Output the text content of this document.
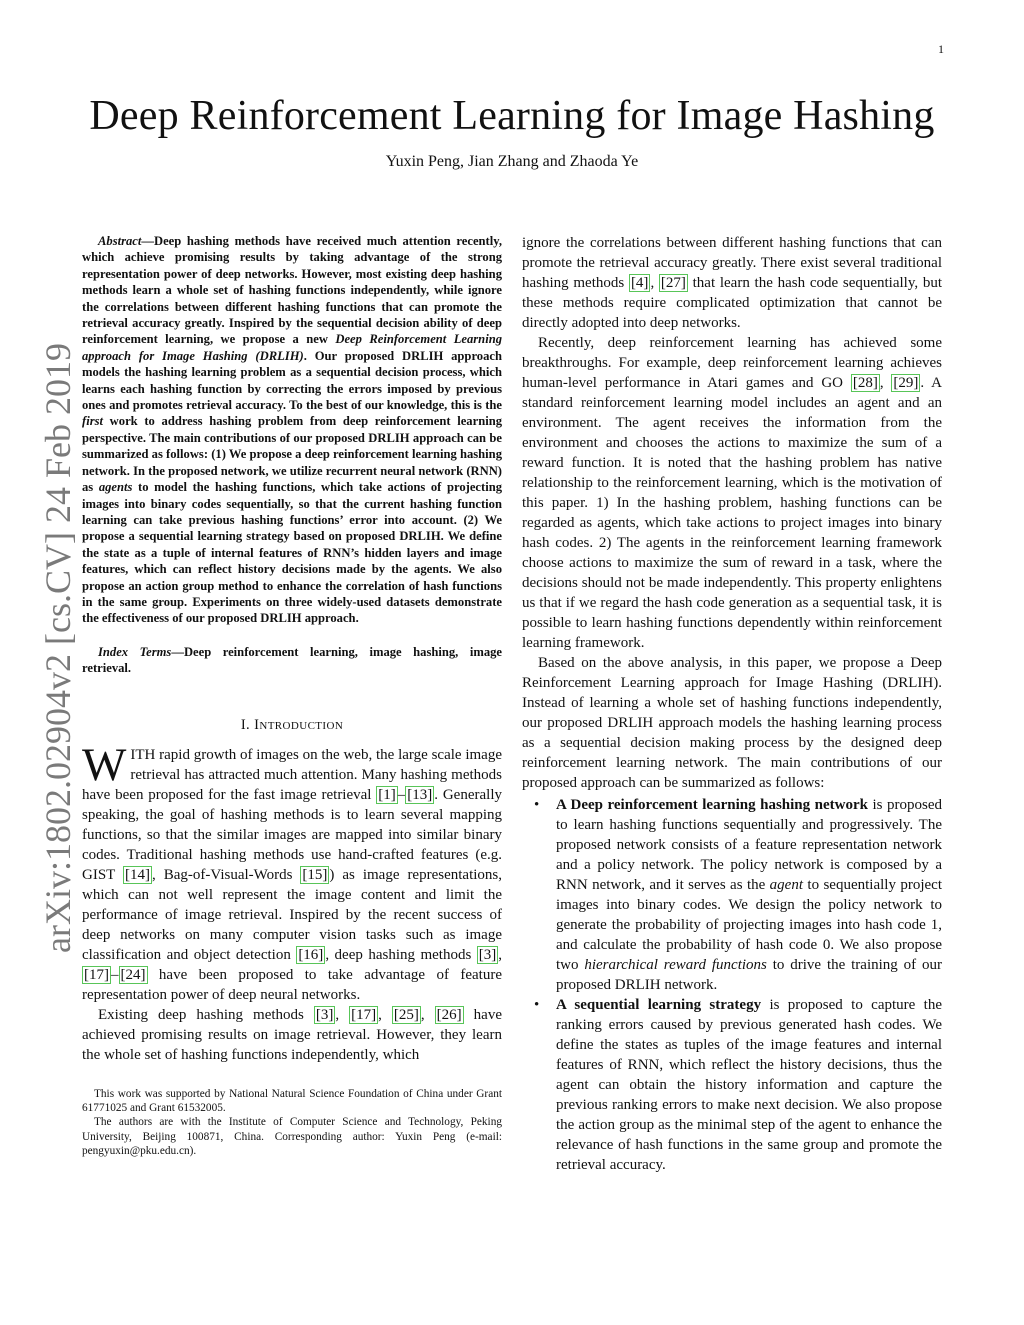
1
Deep Reinforcement Learning for Image Hashing
Yuxin Peng, Jian Zhang and Zhaoda Ye
arXiv:1802.02904v2 [cs.CV] 24 Feb 2019

Abstract—Deep hashing methods have received much attention recently, which achieve promising results by taking advantage of the strong representation power of deep networks. However, most existing deep hashing methods learn a whole set of hashing functions independently, while ignore the correlations between different hashing functions that can promote the retrieval accuracy greatly. Inspired by the sequential decision ability of deep reinforcement learning, we propose a new Deep Reinforcement Learning approach for Image Hashing (DRLIH). Our proposed DRLIH approach models the hashing learning problem as a sequential decision process, which learns each hashing function by correcting the errors imposed by previous ones and promotes retrieval accuracy. To the best of our knowledge, this is the first work to address hashing problem from deep reinforcement learning perspective. The main contributions of our proposed DRLIH approach can be summarized as follows: (1) We propose a deep reinforcement learning hashing network. In the proposed network, we utilize recurrent neural network (RNN) as agents to model the hashing functions, which take actions of projecting images into binary codes sequentially, so that the current hashing function learning can take previous hashing functions’ error into account. (2) We propose a sequential learning strategy based on proposed DRLIH. We define the state as a tuple of internal features of RNN’s hidden layers and image features, which can reflect history decisions made by the agents. We also propose an action group method to enhance the correlation of hash functions in the same group. Experiments on three widely-used datasets demonstrate the effectiveness of our proposed DRLIH approach.

Index Terms—Deep reinforcement learning, image hashing, image retrieval.

I. INTRODUCTION

WITH rapid growth of images on the web, the large scale image retrieval has attracted much attention. Many hashing methods have been proposed for the fast image retrieval [1] – [13] . Generally speaking, the goal of hashing methods is to learn several mapping functions, so that the similar images are mapped into similar binary codes. Traditional hashing methods use hand-crafted features (e.g. GIST [14] , Bag-of-Visual-Words [15] ) as image representations, which can not well represent the image content and limit the performance of image retrieval. Inspired by the recent success of deep networks on many computer vision tasks such as image classification and object detection [16] , deep hashing methods [3] , [17] – [24] have been proposed to take advantage of feature representation power of deep neural networks.

Existing deep hashing methods [3] , [17] , [25] , [26] have achieved promising results on image retrieval. However, they learn the whole set of hashing functions independently, which

This work was supported by National Natural Science Foundation of China under Grant 61771025 and Grant 61532005.

The authors are with the Institute of Computer Science and Technology, Peking University, Beijing 100871, China. Corresponding author: Yuxin Peng (e-mail: pengyuxin@pku.edu.cn).

ignore the correlations between different hashing functions that can promote the retrieval accuracy greatly. There exist several traditional hashing methods [4] , [27] that learn the hash code sequentially, but these methods require complicated optimization that cannot be directly adopted into deep networks.

Recently, deep reinforcement learning has achieved some breakthroughs. For example, deep reinforcement learning achieves human-level performance in Atari games and GO [28] , [29] . A standard reinforcement learning model includes an agent and an environment. The agent receives the information from the environment and chooses the actions to maximize the sum of a reward function. It is noted that the hashing problem has native relationship to the reinforcement learning, which is the motivation of this paper. 1) In the hashing problem, hashing functions can be regarded as agents, which take actions to project images into binary hash codes. 2) The agents in the reinforcement learning framework choose actions to maximize the sum of reward in a task, where the decisions should not be made independently. This property enlightens us that if we regard the hash code generation as a sequential task, it is possible to learn hashing functions dependently within reinforcement learning framework.

Based on the above analysis, in this paper, we propose a Deep Reinforcement Learning approach for Image Hashing (DRLIH). Instead of learning a whole set of hashing functions independently, our proposed DRLIH approach models the hashing learning process as a sequential decision making process by the designed deep reinforcement learning network. The main contributions of our proposed approach can be summarized as follows:

• A Deep reinforcement learning hashing network is proposed to learn hashing functions sequentially and progressively. The proposed network consists of a feature representation network and a policy network. The policy network is composed by a RNN network, and it serves as the agent to sequentially project images into binary codes. We design the policy network to generate the probability of projecting images into hash code 1, and calculate the probability of hash code 0. We also propose two hierarchical reward functions to drive the training of our proposed DRLIH network.
• A sequential learning strategy is proposed to capture the ranking errors caused by previous generated hash codes. We define the states as tuples of the image features and internal features of RNN, which reflect the history decisions, thus the agent can obtain the history information and capture the previous ranking errors to make next decision. We also propose the action group as the minimal step of the agent to enhance the relevance of hash functions in the same group and promote the retrieval accuracy.
